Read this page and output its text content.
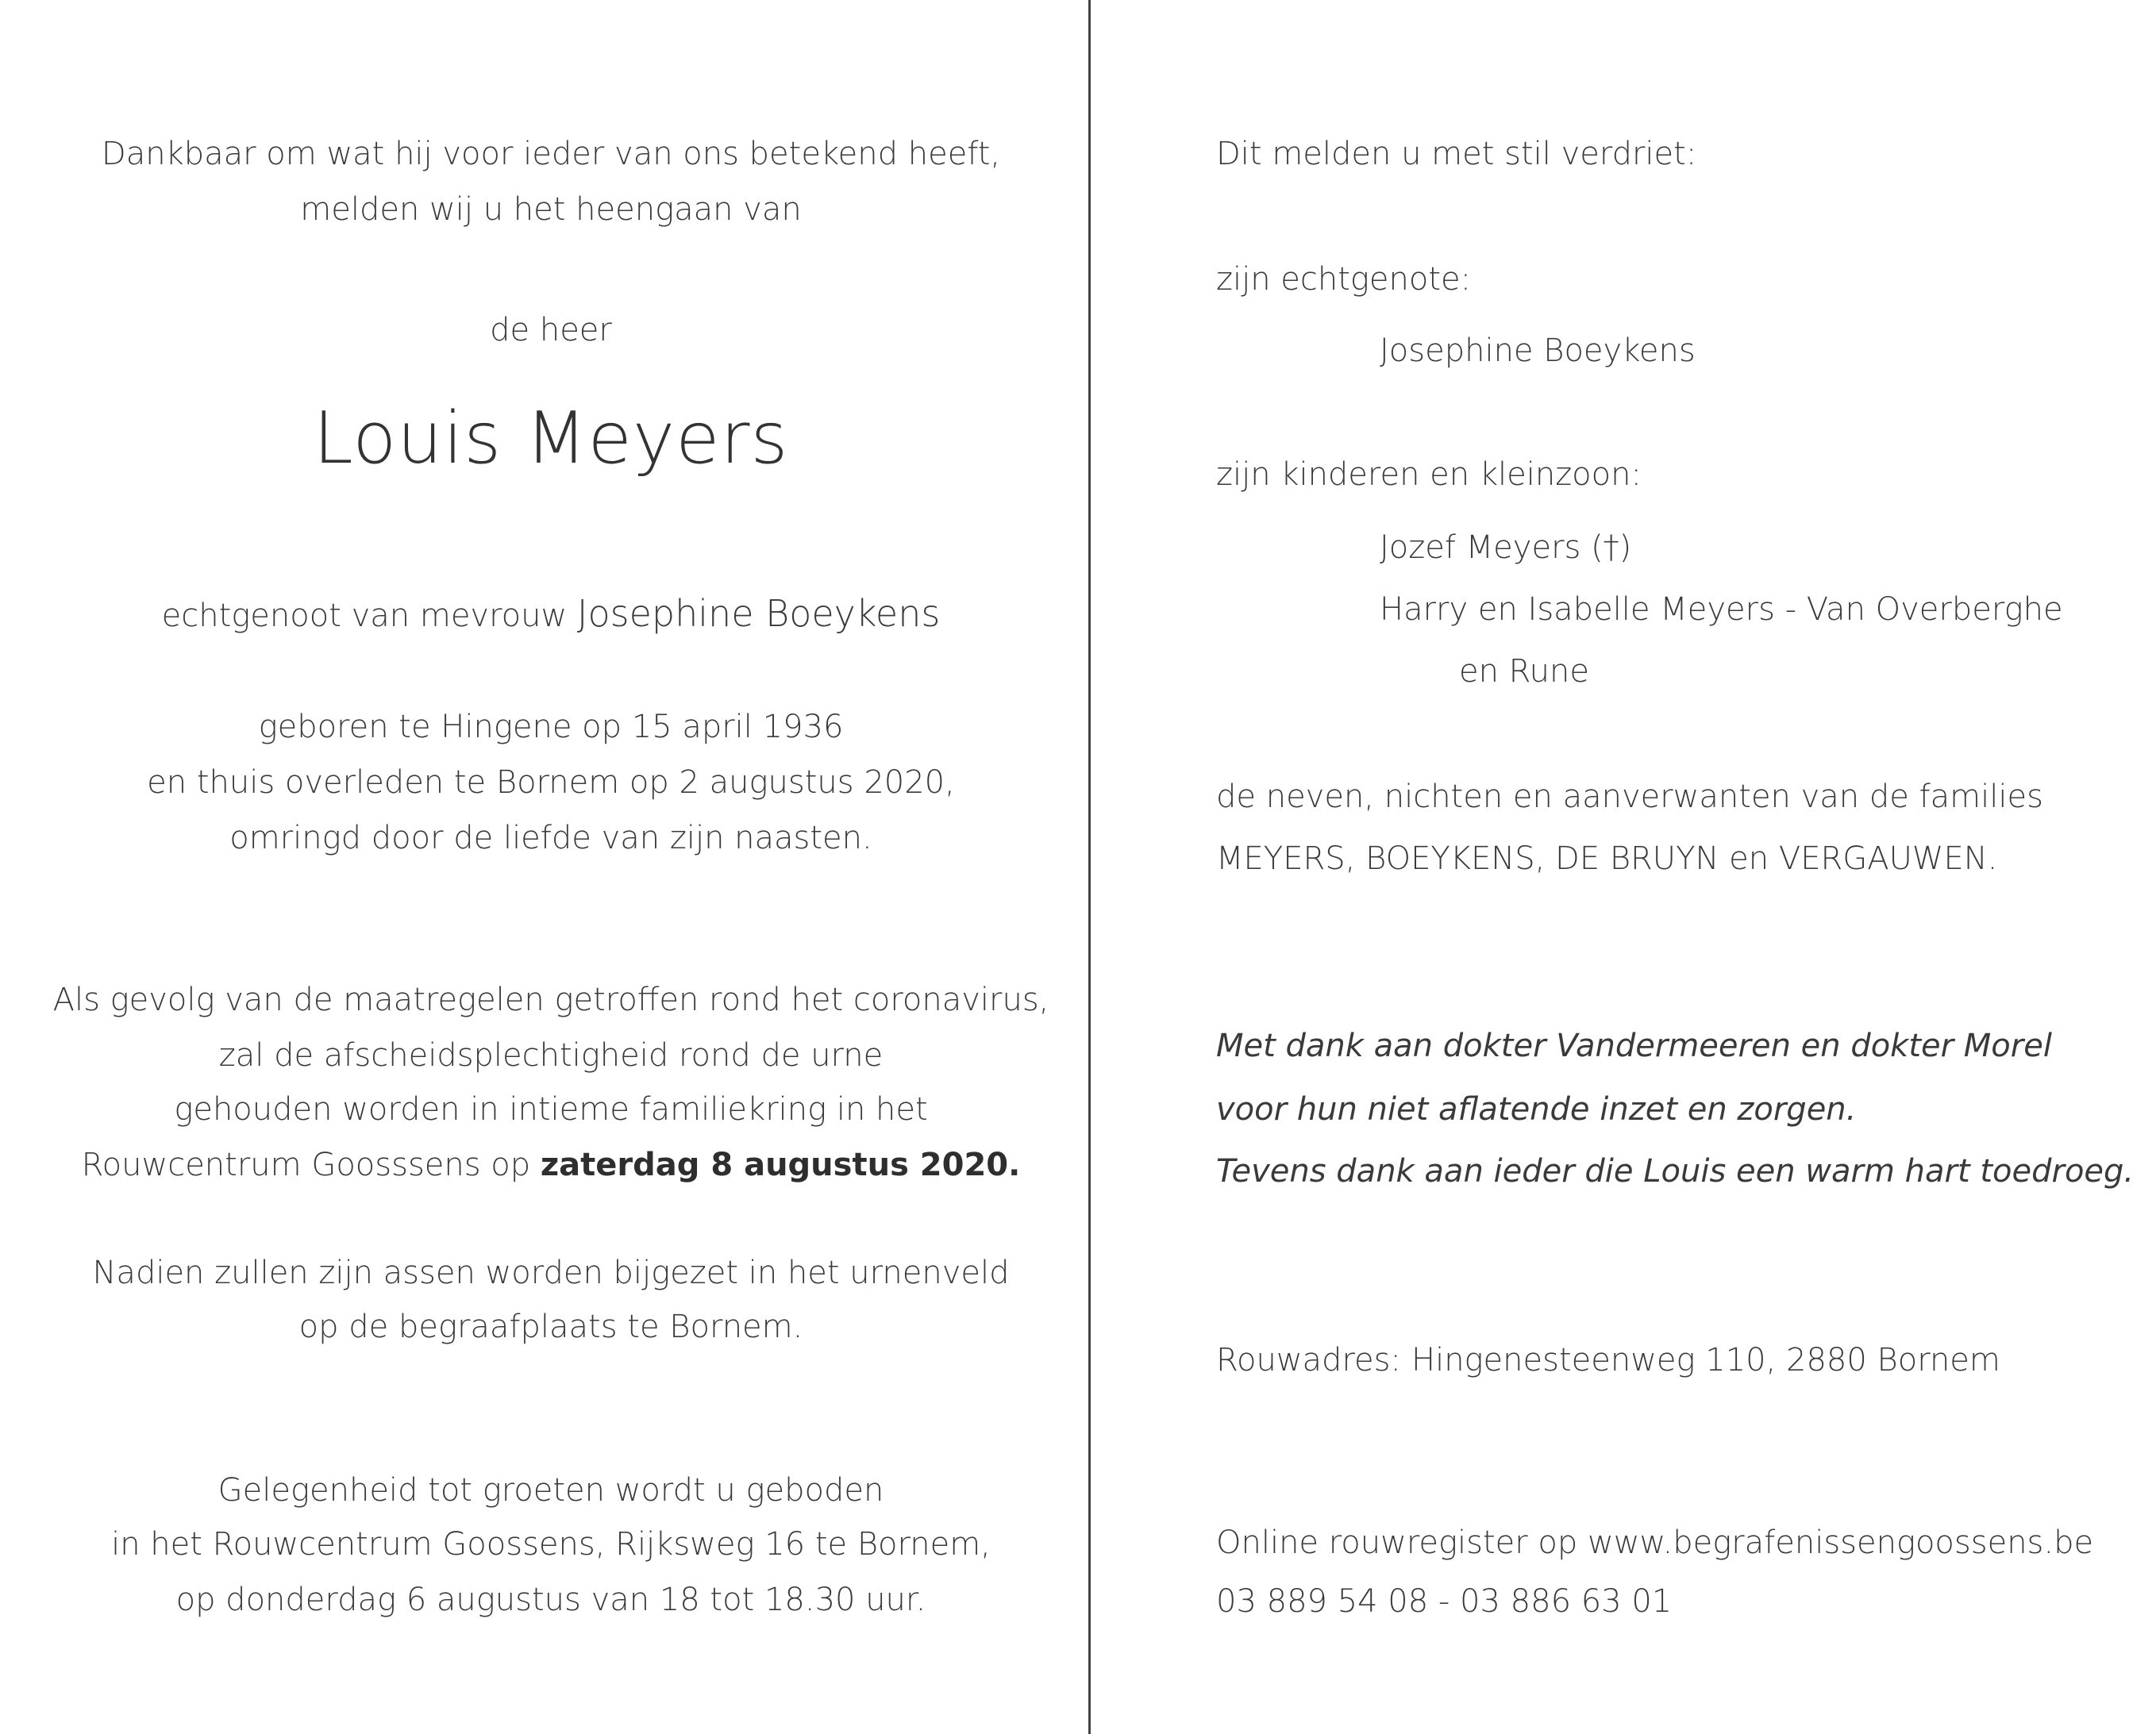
Dankbaar om wat hij voor ieder van ons betekend heeft,
melden wij u het heengaan van
de heer
Louis Meyers
echtgenoot van mevrouw Josephine Boeykens
geboren te Hingene op 15 april 1936
en thuis overleden te Bornem op 2 augustus 2020,
omringd door de liefde van zijn naasten.
Als gevolg van de maatregelen getroffen rond het coronavirus,
zal de afscheidsplechtigheid rond de urne
gehouden worden in intieme familiekring in het
Rouwcentrum Goosssens op zaterdag 8 augustus 2020.
Nadien zullen zijn assen worden bijgezet in het urnenveld
op de begraafplaats te Bornem.
Gelegenheid tot groeten wordt u geboden
in het Rouwcentrum Goossens, Rijksweg 16 te Bornem,
op donderdag 6 augustus van 18 tot 18.30 uur.
Dit melden u met stil verdriet:
zijn echtgenote:
Josephine Boeykens
zijn kinderen en kleinzoon:
Jozef Meyers (†)
Harry en Isabelle Meyers - Van Overberghe
en Rune
de neven, nichten en aanverwanten van de families
MEYERS, BOEYKENS, DE BRUYN en VERGAUWEN.
Met dank aan dokter Vandermeeren en dokter Morel
voor hun niet aflatende inzet en zorgen.
Tevens dank aan ieder die Louis een warm hart toedroeg.
Rouwadres: Hingenesteenweg 110, 2880 Bornem
Online rouwregister op www.begrafenissengoossens.be
03 889 54 08 - 03 886 63 01
